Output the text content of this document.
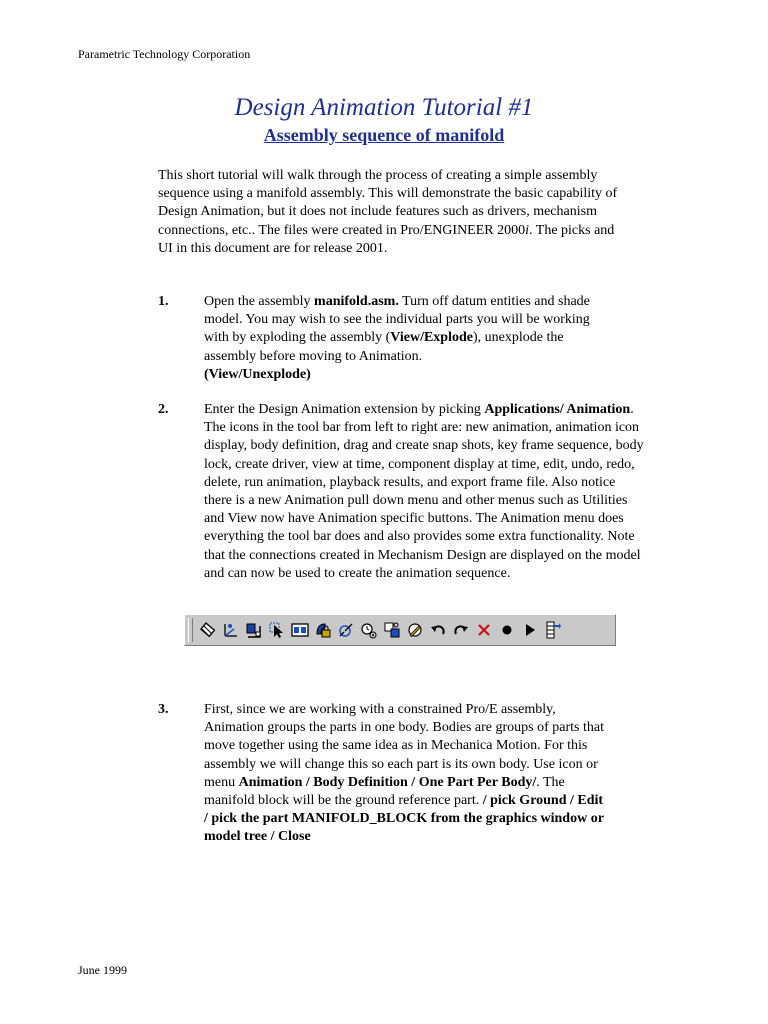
Parametric Technology Corporation
Design Animation Tutorial #1
Assembly sequence of manifold

This short tutorial will walk through the process of creating a simple assembly sequence using a manifold assembly. This will demonstrate the basic capability of Design Animation, but it does not include features such as drivers, mechanism connections, etc.. The files were created in Pro/ENGINEER 2000i. The picks and UI in this document are for release 2001.

1.	Open the assembly manifold.asm. Turn off datum entities and shade model. You may wish to see the individual parts you will be working with by exploding the assembly (View/Explode), unexplode the assembly before moving to Animation.
(View/Unexplode)

2.	Enter the Design Animation extension by picking Applications/ Animation. The icons in the tool bar from left to right are: new animation, animation icon display, body definition, drag and create snap shots, key frame sequence, body lock, create driver, view at time, component display at time, edit, undo, redo, delete, run animation, playback results, and export frame file. Also notice there is a new Animation pull down menu and other menus such as Utilities and View now have Animation specific buttons. The Animation menu does everything the tool bar does and also provides some extra functionality. Note that the connections created in Mechanism Design are displayed on the model and can now be used to create the animation sequence.

3.	First, since we are working with a constrained Pro/E assembly, Animation groups the parts in one body. Bodies are groups of parts that move together using the same idea as in Mechanica Motion. For this assembly we will change this so each part is its own body. Use icon or menu Animation / Body Definition / One Part Per Body/. The manifold block will be the ground reference part. / pick Ground / Edit / pick the part MANIFOLD_BLOCK from the graphics window or model tree / Close

June 1999
